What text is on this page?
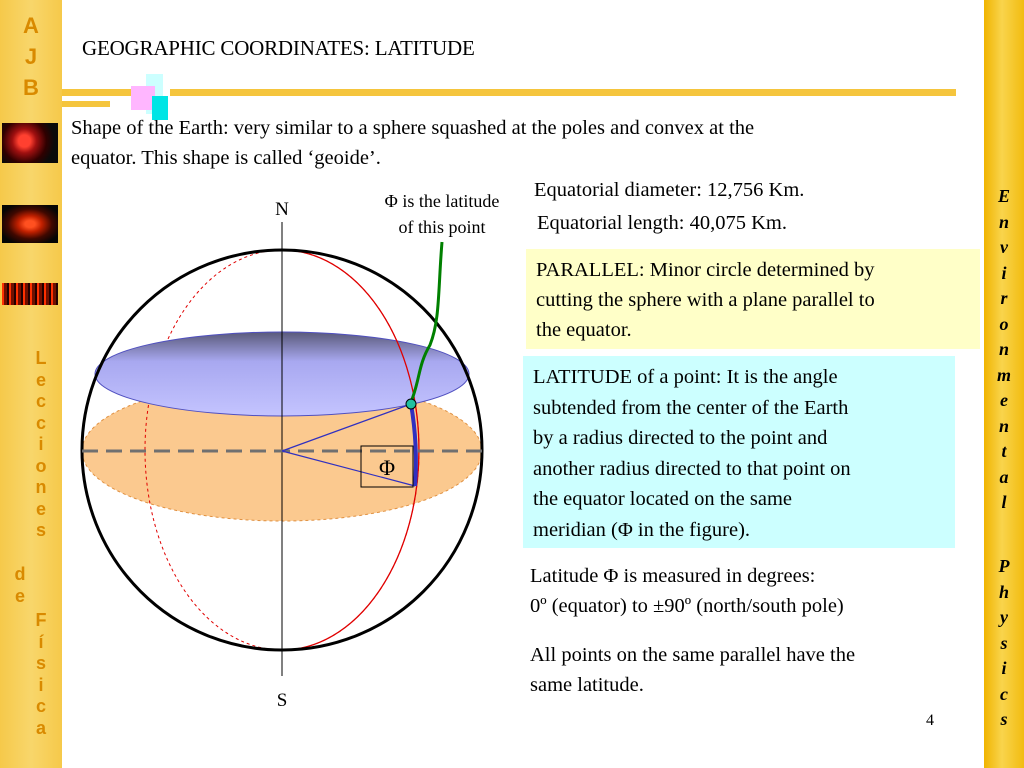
A
J
B
L
e
c
c
i
o
n
e
s
d
e
F
í
s
i
c
a
E
n
v
i
r
o
n
m
e
n
t
a
l
P
h
y
s
i
c
s
GEOGRAPHIC COORDINATES: LATITUDE
Shape of the Earth: very similar to a sphere squashed at the poles and convex at the
equator. This shape is called ‘geoide’.
Equatorial diameter: 12,756 Km.
Equatorial length: 40,075 Km.
PARALLEL: Minor circle determined by
cutting the sphere with a plane parallel to
the equator.
LATITUDE of a point: It is the angle
subtended from the center of the Earth
by a radius directed to the point and
another radius directed to that point on
the equator located on the same
meridian (Φ in the figure).
Latitude Φ is measured in degrees:
0º (equator) to ±90º (north/south pole)
All points on the same parallel have the
same latitude.
4
Φ
N
S
Φ is the latitude
of this point
